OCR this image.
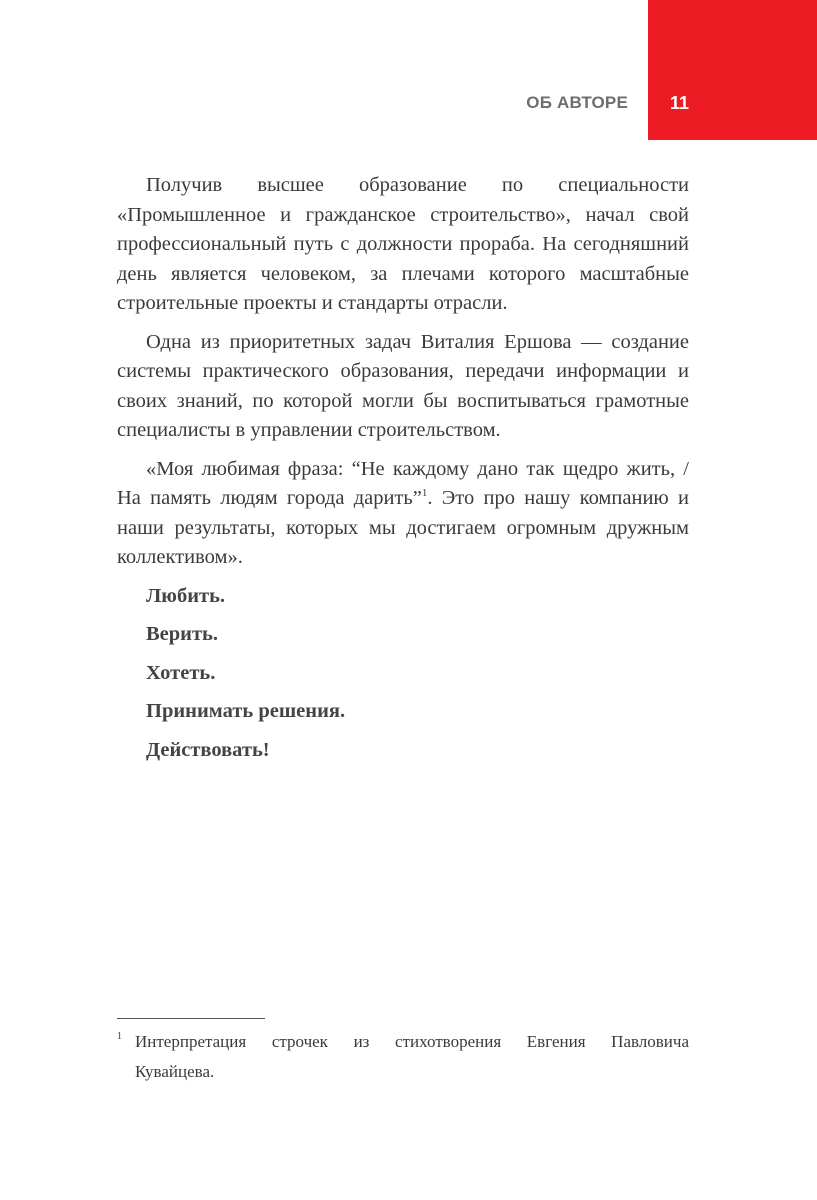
ОБ АВТОРЕ 11

Получив высшее образование по специальности «Промышленное и гражданское строительство», начал свой профессиональный путь с должности прораба. На сегодняшний день является человеком, за плечами которого масштабные строительные проекты и стандарты отрасли.

Одна из приоритетных задач Виталия Ершова — создание системы практического образования, передачи информации и своих знаний, по которой могли бы воспитываться грамотные специалисты в управлении строительством.

«Моя любимая фраза: “Не каждому дано так щедро жить, / На память людям города дарить”$^1$. Это про нашу компанию и наши результаты, которых мы достигаем огромным дружным коллективом».

Любить.
Верить.
Хотеть.
Принимать решения.
Действовать!
1 Интерпретация строчек из стихотворения Евгения Павловича
Кувайцева.
